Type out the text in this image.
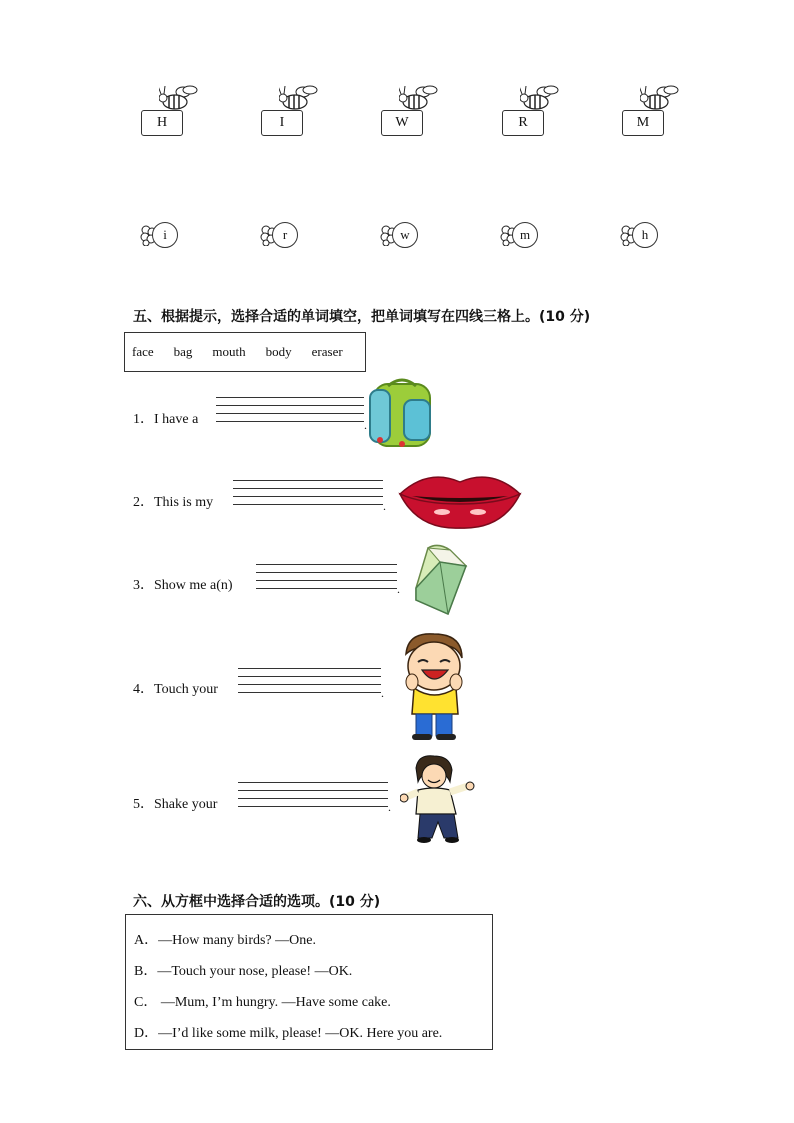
H	I	W	R	M
i	r	w	m	h
五、根据提示，选择合适的单词填空，把单词填写在四线三格上。(10 分)
face bag mouth body eraser
1．I have a	.
2．This is my	.
3．Show me a(n)	.
4．Touch your	.
5．Shake your	.
六、从方框中选择合适的选项。(10 分)
A．—How many birds? —One.
B．—Touch your nose, please! —OK.
C． —Mum, I’m hungry. —Have some cake.
D．—I’d like some milk, please! —OK. Here you are.
